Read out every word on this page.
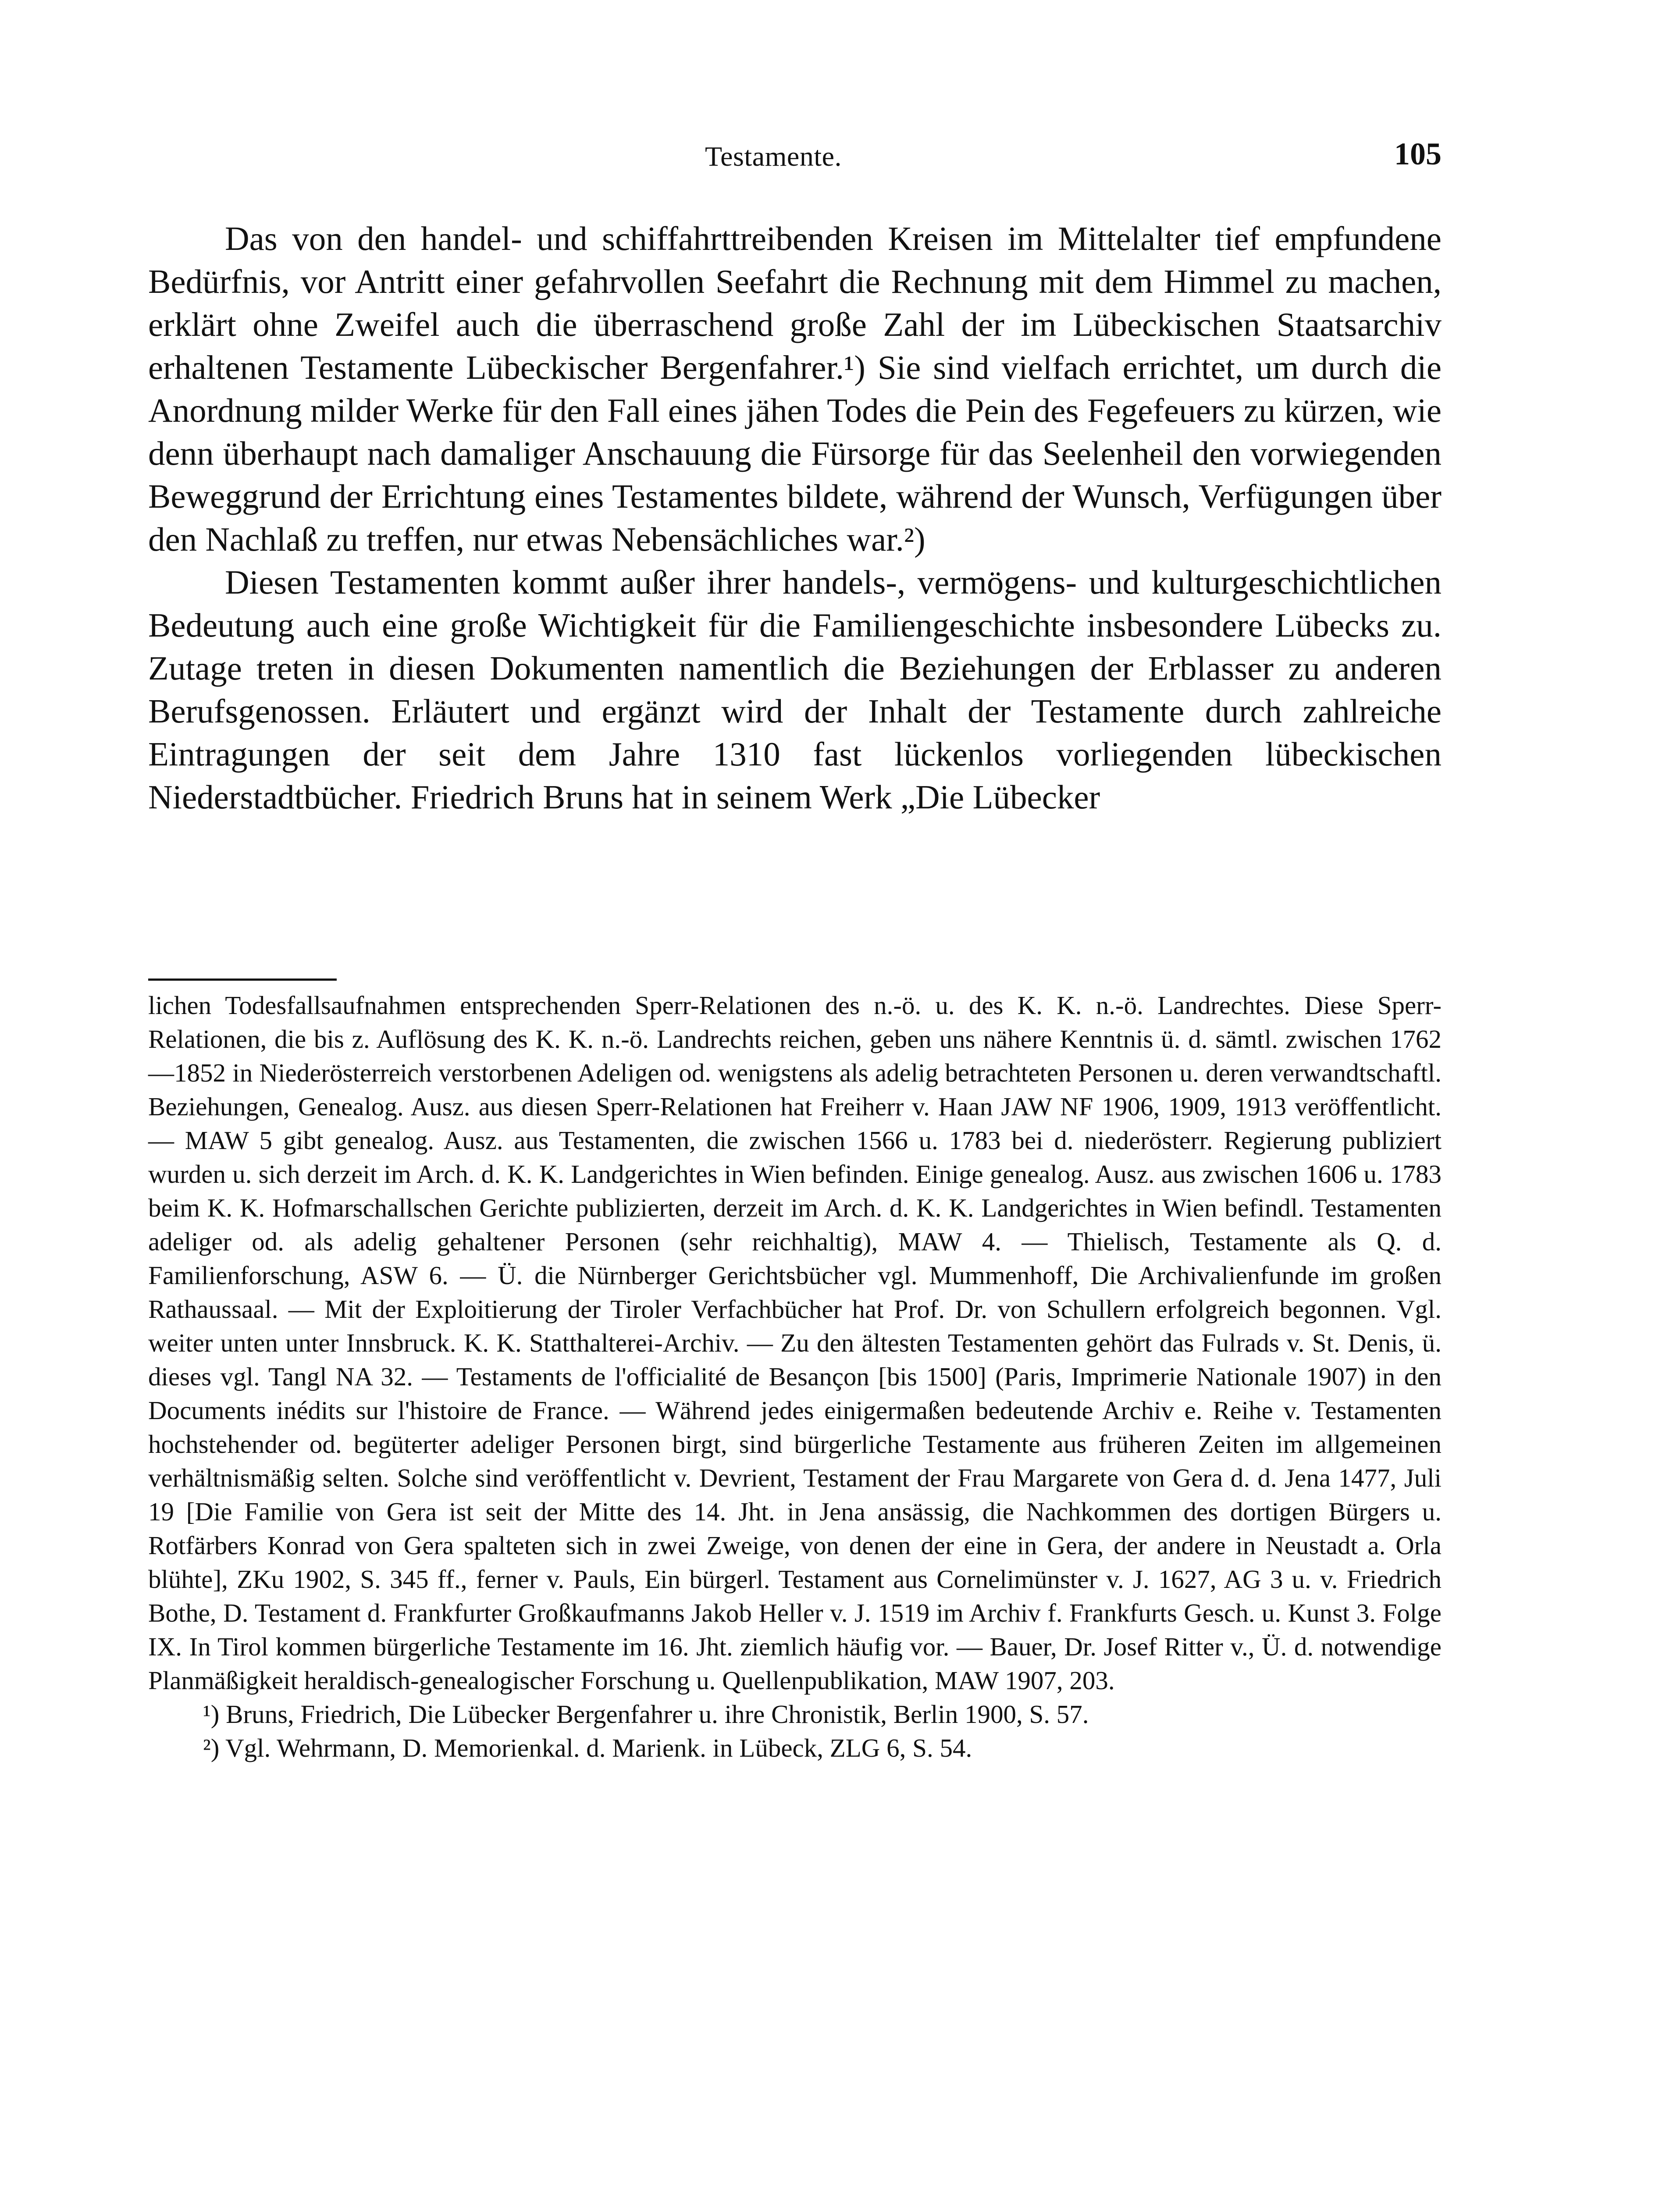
Testamente.	105

Das von den handel- und schiffahrttreibenden Kreisen im Mittelalter tief empfundene Bedürfnis, vor Antritt einer gefahrvollen Seefahrt die Rechnung mit dem Himmel zu machen, erklärt ohne Zweifel auch die überraschend große Zahl der im Lübeckischen Staatsarchiv erhaltenen Testamente Lübeckischer Bergenfahrer.¹) Sie sind vielfach errichtet, um durch die Anordnung milder Werke für den Fall eines jähen Todes die Pein des Fegefeuers zu kürzen, wie denn überhaupt nach damaliger Anschauung die Fürsorge für das Seelenheil den vorwiegenden Beweggrund der Errichtung eines Testamentes bildete, während der Wunsch, Verfügungen über den Nachlaß zu treffen, nur etwas Nebensächliches war.²)

Diesen Testamenten kommt außer ihrer handels-, vermögens- und kulturgeschichtlichen Bedeutung auch eine große Wichtigkeit für die Familiengeschichte insbesondere Lübecks zu. Zutage treten in diesen Dokumenten namentlich die Beziehungen der Erblasser zu anderen Berufsgenossen. Erläutert und ergänzt wird der Inhalt der Testamente durch zahlreiche Eintragungen der seit dem Jahre 1310 fast lückenlos vorliegenden lübeckischen Niederstadtbücher. Friedrich Bruns hat in seinem Werk „Die Lübecker

lichen Todesfallsaufnahmen entsprechenden Sperr-Relationen des n.-ö. u. des K. K. n.-ö. Landrechtes. Diese Sperr-Relationen, die bis z. Auflösung des K. K. n.-ö. Landrechts reichen, geben uns nähere Kenntnis ü. d. sämtl. zwischen 1762—1852 in Niederösterreich verstorbenen Adeligen od. wenigstens als adelig betrachteten Personen u. deren verwandtschaftl. Beziehungen, Genealog. Ausz. aus diesen Sperr-Relationen hat Freiherr v. Haan JAW NF 1906, 1909, 1913 veröffentlicht. — MAW 5 gibt genealog. Ausz. aus Testamenten, die zwischen 1566 u. 1783 bei d. niederösterr. Regierung publiziert wurden u. sich derzeit im Arch. d. K. K. Landgerichtes in Wien befinden. Einige genealog. Ausz. aus zwischen 1606 u. 1783 beim K. K. Hofmarschallschen Gerichte publizierten, derzeit im Arch. d. K. K. Landgerichtes in Wien befindl. Testamenten adeliger od. als adelig gehaltener Personen (sehr reichhaltig), MAW 4. — Thielisch, Testamente als Q. d. Familienforschung, ASW 6. — Ü. die Nürnberger Gerichtsbücher vgl. Mummenhoff, Die Archivalienfunde im großen Rathaussaal. — Mit der Exploitierung der Tiroler Verfachbücher hat Prof. Dr. von Schullern erfolgreich begonnen. Vgl. weiter unten unter Innsbruck. K. K. Statthalterei-Archiv. — Zu den ältesten Testamenten gehört das Fulrads v. St. Denis, ü. dieses vgl. Tangl NA 32. — Testaments de l'officialité de Besançon [bis 1500] (Paris, Imprimerie Nationale 1907) in den Documents inédits sur l'histoire de France. — Während jedes einigermaßen bedeutende Archiv e. Reihe v. Testamenten hochstehender od. begüterter adeliger Personen birgt, sind bürgerliche Testamente aus früheren Zeiten im allgemeinen verhältnismäßig selten. Solche sind veröffentlicht v. Devrient, Testament der Frau Margarete von Gera d. d. Jena 1477, Juli 19 [Die Familie von Gera ist seit der Mitte des 14. Jht. in Jena ansässig, die Nachkommen des dortigen Bürgers u. Rotfärbers Konrad von Gera spalteten sich in zwei Zweige, von denen der eine in Gera, der andere in Neustadt a. Orla blühte], ZKu 1902, S. 345 ff., ferner v. Pauls, Ein bürgerl. Testament aus Cornelimünster v. J. 1627, AG 3 u. v. Friedrich Bothe, D. Testament d. Frankfurter Großkaufmanns Jakob Heller v. J. 1519 im Archiv f. Frankfurts Gesch. u. Kunst 3. Folge IX. In Tirol kommen bürgerliche Testamente im 16. Jht. ziemlich häufig vor. — Bauer, Dr. Josef Ritter v., Ü. d. notwendige Planmäßigkeit heraldisch-genealogischer Forschung u. Quellenpublikation, MAW 1907, 203.

¹) Bruns, Friedrich, Die Lübecker Bergenfahrer u. ihre Chronistik, Berlin 1900, S. 57.

²) Vgl. Wehrmann, D. Memorienkal. d. Marienk. in Lübeck, ZLG 6, S. 54.
